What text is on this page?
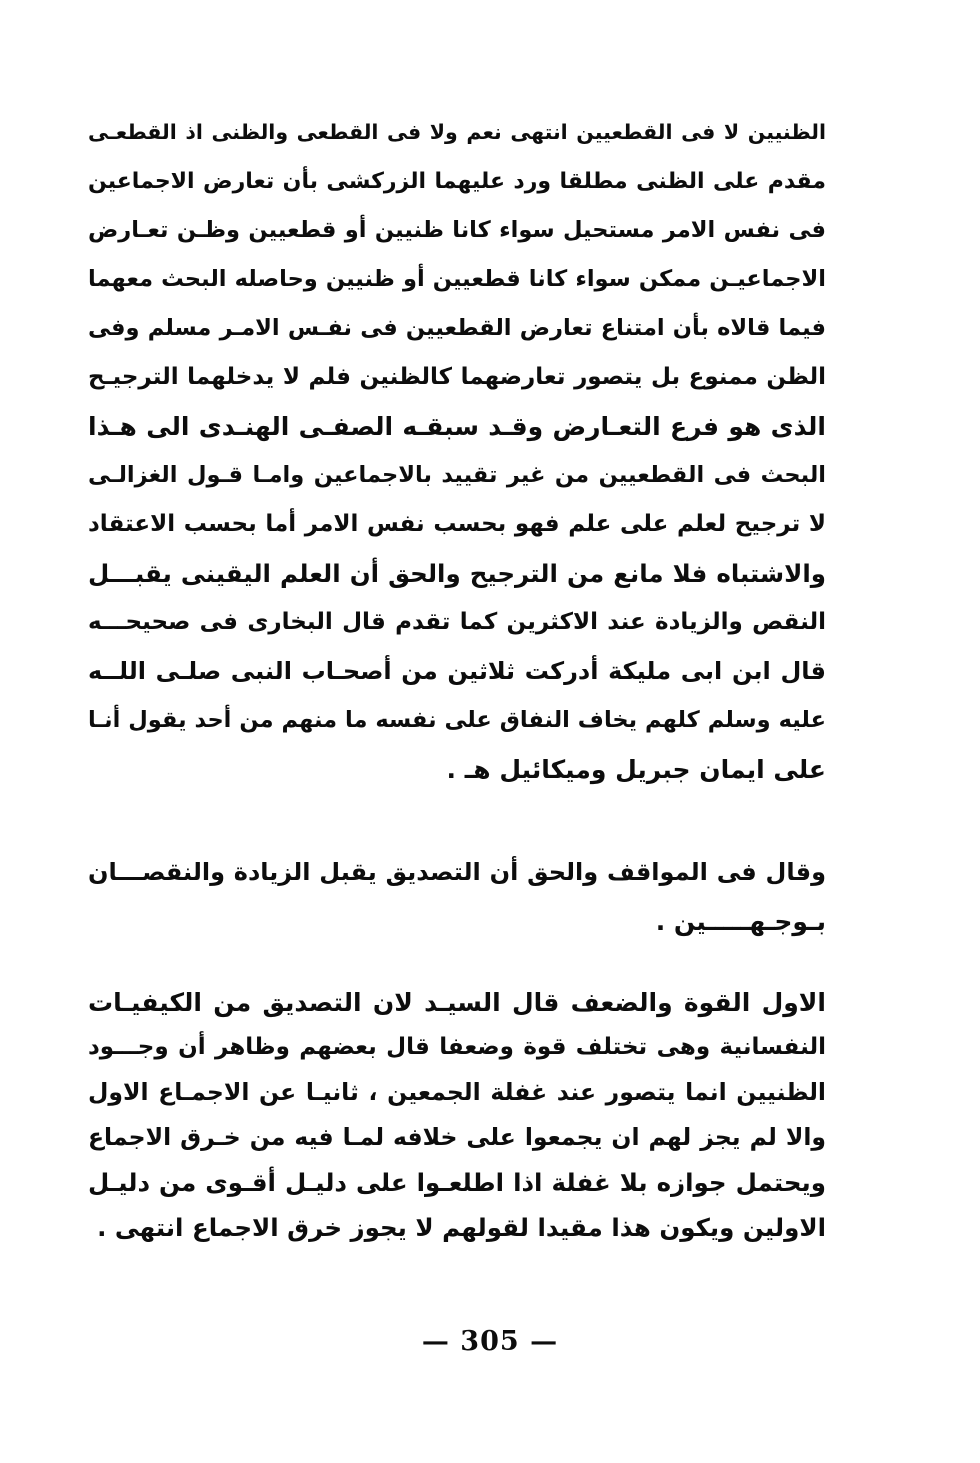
الظنيين لا فى القطعيين انتهى نعم ولا فى القطعى والظنى اذ القطعـى
مقدم على الظنى مطلقا ورد عليهما الزركشى بأن تعارض الاجماعين
فى نفس الامر مستحيل سواء كانا ظنيين أو قطعيين وظـن تعـارض
الاجماعيـن ممكن سواء كانا قطعيين أو ظنيين وحاصله البحث معهما
فيما قالاه بأن امتناع تعارض القطعيين فى نفـس الامـر مسلم وفى
الظن ممنوع بل يتصور تعارضهما كالظنين فلم لا يدخلهما الترجيـح
الذى هو فرع التعـارض وقـد سبقـه الصفـى الهنـدى الى هـذا
البحث فى القطعيين من غير تقييد بالاجماعين وامـا قـول الغزالـى
لا ترجيح لعلم على علم فهو بحسب نفس الامر أما بحسب الاعتقاد
والاشتباه فلا مانع من الترجيح والحق أن العلم اليقينى يقبـــل
النقص والزيادة عند الاكثرين كما تقدم قال البخارى فى صحيحـــه
قال ابن ابى مليكة أدركت ثلاثين من أصحـاب النبى صلـى اللــه
عليه وسلم كلهم يخاف النفاق على نفسه ما منهم من أحد يقول أنـا
على ايمان جبريل وميكائيل هـ .
وقال فى المواقف والحق أن التصديق يقبل الزيادة والنقصـــان
بـوجـهـــــين .
الاول القوة والضعف قال السيـد لان التصديق من الكيفيـات
النفسانية وهى تختلف قوة وضعفا قال بعضهم وظاهر أن وجـــود
الظنيين انما يتصور عند غفلة الجمعين ، ثانيـا عن الاجمـاع الاول
والا لم يجز لهم ان يجمعوا على خلافه لمـا فيه من خـرق الاجماع
ويحتمل جوازه بلا غفلة اذا اطلعـوا على دليـل أقـوى من دليـل
الاولين ويكون هذا مقيدا لقولهم لا يجوز خرق الاجماع انتهى .
— 305 —
